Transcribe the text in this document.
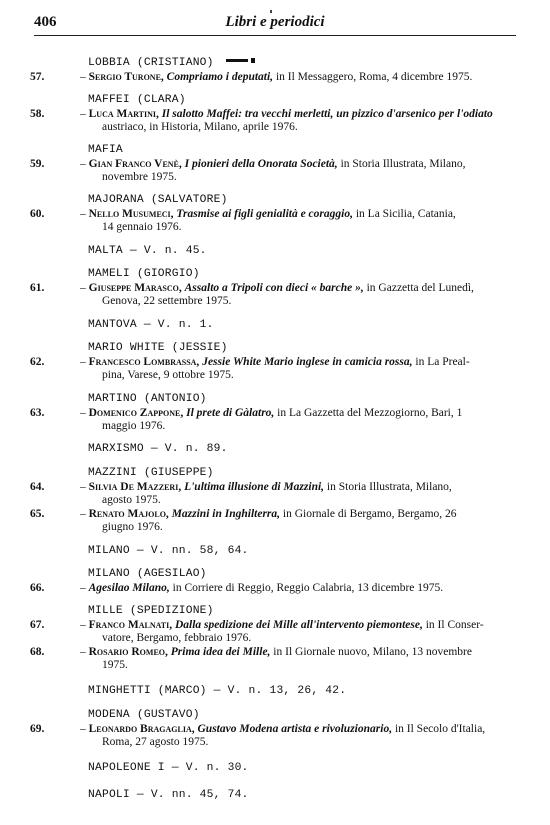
406	Libri e periodici
LOBBIA (CRISTIANO)
57.	– Sergio Turone, Compriamo i deputati, in Il Messaggero, Roma, 4 dicembre 1975.
MAFFEI (CLARA)
58.	– Luca Martini, Il salotto Maffei: tra vecchi merletti, un pizzico d'arsenico per l'odiato
austriaco, in Historia, Milano, aprile 1976.
MAFIA
59.	– Gian Franco Venè, I pionieri della Onorata Società, in Storia Illustrata, Milano,
novembre 1975.
MAJORANA (SALVATORE)
60.	– Nello Musumeci, Trasmise ai figli genialità e coraggio, in La Sicilia, Catania,
14 gennaio 1976.
MALTA — V. n. 45.
MAMELI (GIORGIO)
61.	– Giuseppe Marasco, Assalto a Tripoli con dieci « barche », in Gazzetta del Lunedì,
Genova, 22 settembre 1975.
MANTOVA — V. n. 1.
MARIO WHITE (JESSIE)
62.	– Francesco Lombrassa, Jessie White Mario inglese in camicia rossa, in La Preal-
pina, Varese, 9 ottobre 1975.
MARTINO (ANTONIO)
63.	– Domenico Zappone, Il prete di Gàlatro, in La Gazzetta del Mezzogiorno, Bari, 1
maggio 1976.
MARXISMO — V. n. 89.
MAZZINI (GIUSEPPE)
64.	– Silvia De Mazzeri, L'ultima illusione di Mazzini, in Storia Illustrata, Milano,
agosto 1975.
65.	– Renato Majolo, Mazzini in Inghilterra, in Giornale di Bergamo, Bergamo, 26
giugno 1976.
MILANO — V. nn. 58, 64.
MILANO (AGESILAO)
66.	– Agesilao Milano, in Corriere di Reggio, Reggio Calabria, 13 dicembre 1975.
MILLE (SPEDIZIONE)
67.	– Franco Malnati, Dalla spedizione dei Mille all'intervento piemontese, in Il Conser-
vatore, Bergamo, febbraio 1976.
68.	– Rosario Romeo, Prima idea dei Mille, in Il Giornale nuovo, Milano, 13 novembre
1975.
MINGHETTI (MARCO) — V. n. 13, 26, 42.
MODENA (GUSTAVO)
69.	– Leonardo Bragaglia, Gustavo Modena artista e rivoluzionario, in Il Secolo d'Italia,
Roma, 27 agosto 1975.
NAPOLEONE I — V. n. 30.
NAPOLI — V. nn. 45, 74.
